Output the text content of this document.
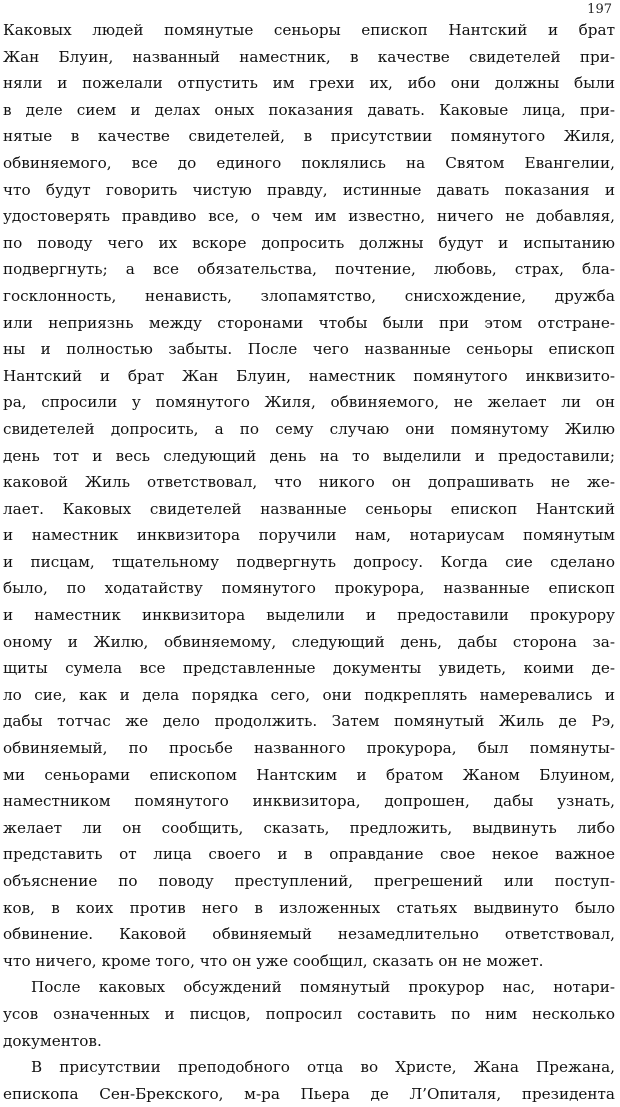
197
Каковых людей помянутые сеньоры епископ Нантский и брат
Жан Блуин, названный наместник, в качестве свидетелей при-
няли и пожелали отпустить им грехи их, ибо они должны были
в деле сием и делах оных показания давать. Каковые лица, при-
нятые в качестве свидетелей, в присутствии помянутого Жиля,
обвиняемого, все до единого поклялись на Святом Евангелии,
что будут говорить чистую правду, истинные давать показания и
удостоверять правдиво все, о чем им известно, ничего не добавляя,
по поводу чего их вскоре допросить должны будут и испытанию
подвергнуть; а все обязательства, почтение, любовь, страх, бла-
госклонность, ненависть, злопамятство, снисхождение, дружба
или неприязнь между сторонами чтобы были при этом отстране-
ны и полностью забыты. После чего названные сеньоры епископ
Нантский и брат Жан Блуин, наместник помянутого инквизито-
ра, спросили у помянутого Жиля, обвиняемого, не желает ли он
свидетелей допросить, а по сему случаю они помянутому Жилю
день тот и весь следующий день на то выделили и предоставили;
каковой Жиль ответствовал, что никого он допрашивать не же-
лает. Каковых свидетелей названные сеньоры епископ Нантский
и наместник инквизитора поручили нам, нотариусам помянутым
и писцам, тщательному подвергнуть допросу. Когда сие сделано
было, по ходатайству помянутого прокурора, названные епископ
и наместник инквизитора выделили и предоставили прокурору
оному и Жилю, обвиняемому, следующий день, дабы сторона за-
щиты сумела все представленные документы увидеть, коими де-
ло сие, как и дела порядка сего, они подкреплять намеревались и
дабы тотчас же дело продолжить. Затем помянутый Жиль де Рэ,
обвиняемый, по просьбе названного прокурора, был помянуты-
ми сеньорами епископом Нантским и братом Жаном Блуином,
наместником помянутого инквизитора, допрошен, дабы узнать,
желает ли он сообщить, сказать, предложить, выдвинуть либо
представить от лица своего и в оправдание свое некое важное
объяснение по поводу преступлений, прегрешений или поступ-
ков, в коих против него в изложенных статьях выдвинуто было
обвинение. Каковой обвиняемый незамедлительно ответствовал,
что ничего, кроме того, что он уже сообщил, сказать он не может.
После каковых обсуждений помянутый прокурор нас, нотари-
усов означенных и писцов, попросил составить по ним несколько
документов.
В присутствии преподобного отца во Христе, Жана Прежана,
епископа Сен-Брекского, м-ра Пьера де Л’Опиталя, президента
